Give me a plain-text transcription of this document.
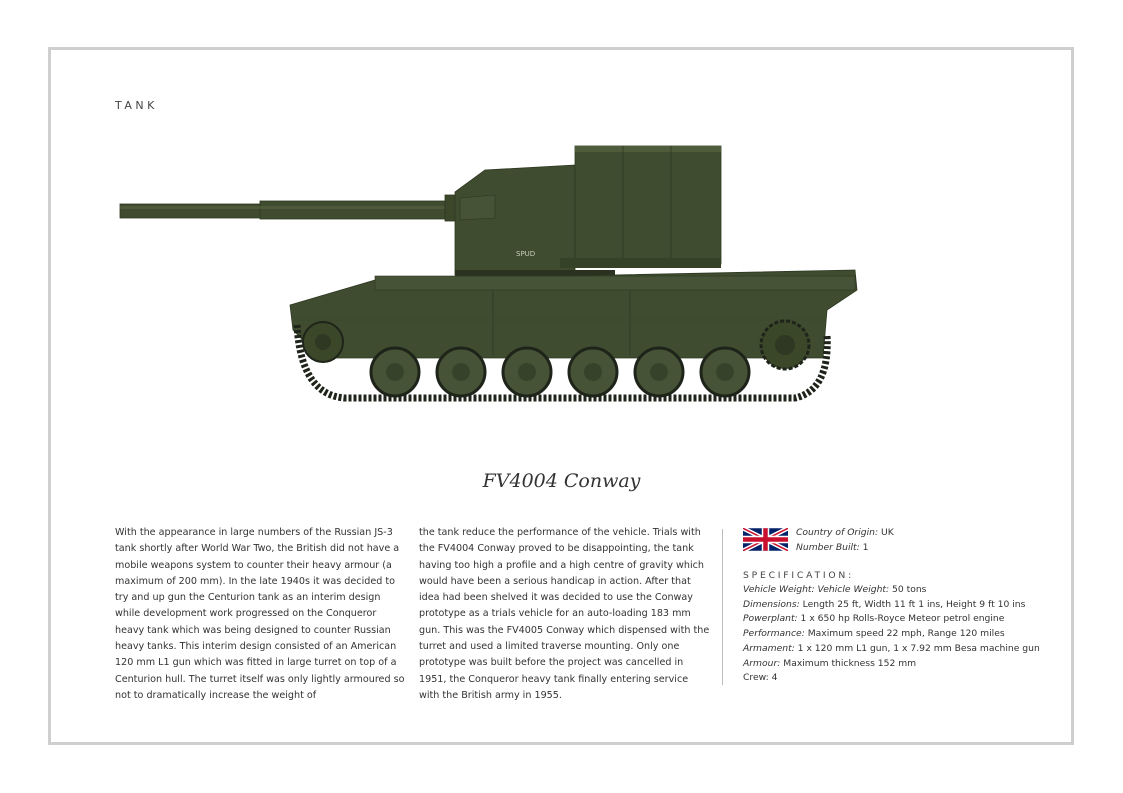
TANK
SPUD
FV4004 Conway
With the appearance in large numbers of the Russian JS-3 tank shortly after World War Two, the British did not have a mobile weapons system to counter their heavy armour (a maximum of 200 mm). In the late 1940s it was decided to try and up gun the Centurion tank as an interim design while development work progressed on the Conqueror heavy tank which was being designed to counter Russian heavy tanks. This interim design consisted of an American 120 mm L1 gun which was fitted in large turret on top of a Centurion hull. The turret itself was only lightly armoured so not to dramatically increase the weight of
the tank reduce the performance of the vehicle. Trials with the FV4004 Conway proved to be disappointing, the tank having too high a profile and a high centre of gravity which would have been a serious handicap in action. After that idea had been shelved it was decided to use the Conway prototype as a trials vehicle for an auto-loading 183 mm gun. This was the FV4005 Conway which dispensed with the turret and used a limited traverse mounting. Only one prototype was built before the project was cancelled in 1951, the Conqueror heavy tank finally entering service with the British army in 1955.
Country of Origin: UK
Number Built: 1
SPECIFICATION:
Vehicle Weight: Vehicle Weight: 50 tons
Dimensions: Length 25 ft, Width 11 ft 1 ins, Height 9 ft 10 ins
Powerplant: 1 x 650 hp Rolls-Royce Meteor petrol engine
Performance: Maximum speed 22 mph, Range 120 miles
Armament: 1 x 120 mm L1 gun, 1 x 7.92 mm Besa machine gun
Armour: Maximum thickness 152 mm
Crew: 4
